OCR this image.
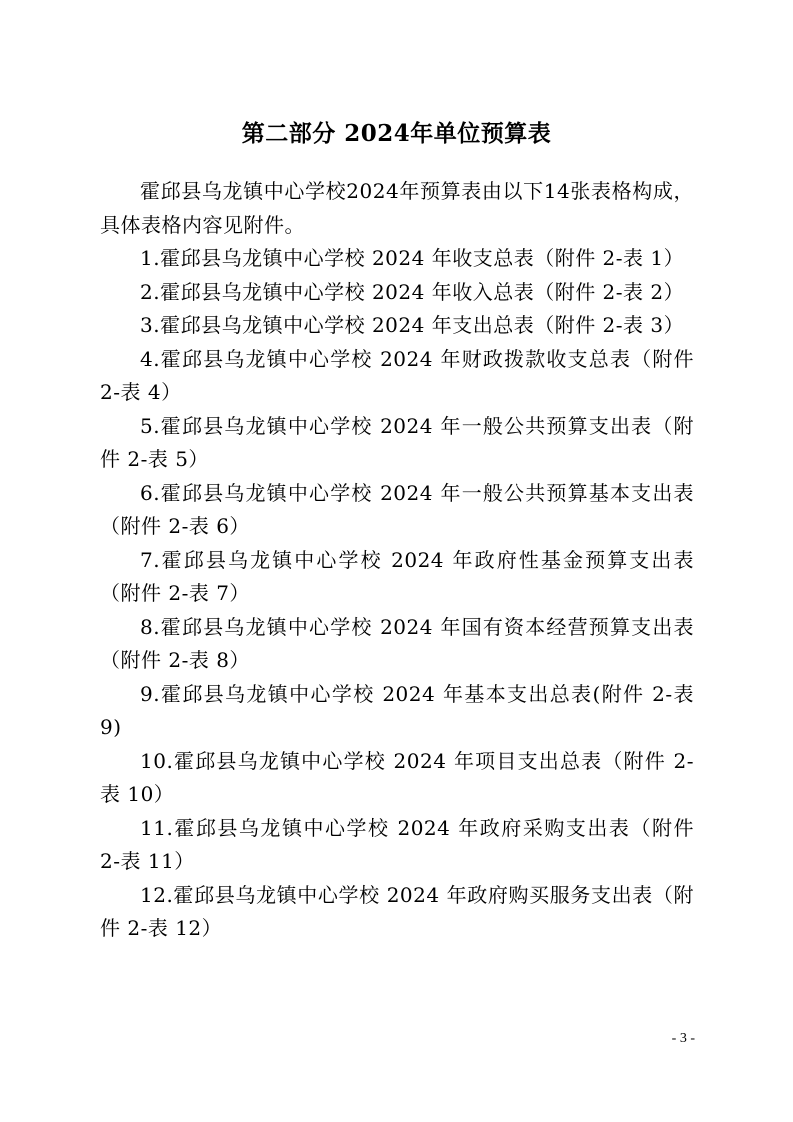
第二部分 2024年单位预算表

霍邱县乌龙镇中心学校2024年预算表由以下14张表格构成，具体表格内容见附件。

1.霍邱县乌龙镇中心学校 2024 年收支总表（附件 2-表 1）

2.霍邱县乌龙镇中心学校 2024 年收入总表（附件 2-表 2）

3.霍邱县乌龙镇中心学校 2024 年支出总表（附件 2-表 3）

4.霍邱县乌龙镇中心学校 2024 年财政拨款收支总表（附件 2-表 4）

5.霍邱县乌龙镇中心学校 2024 年一般公共预算支出表（附件 2-表 5）

6.霍邱县乌龙镇中心学校 2024 年一般公共预算基本支出表（附件 2-表 6）

7.霍邱县乌龙镇中心学校 2024 年政府性基金预算支出表（附件 2-表 7）

8.霍邱县乌龙镇中心学校 2024 年国有资本经营预算支出表（附件 2-表 8）

9.霍邱县乌龙镇中心学校 2024 年基本支出总表(附件 2-表 9)

10.霍邱县乌龙镇中心学校 2024 年项目支出总表（附件 2-表 10）

11.霍邱县乌龙镇中心学校 2024 年政府采购支出表（附件 2-表 11）

12.霍邱县乌龙镇中心学校 2024 年政府购买服务支出表（附件 2-表 12）

- 3 -
